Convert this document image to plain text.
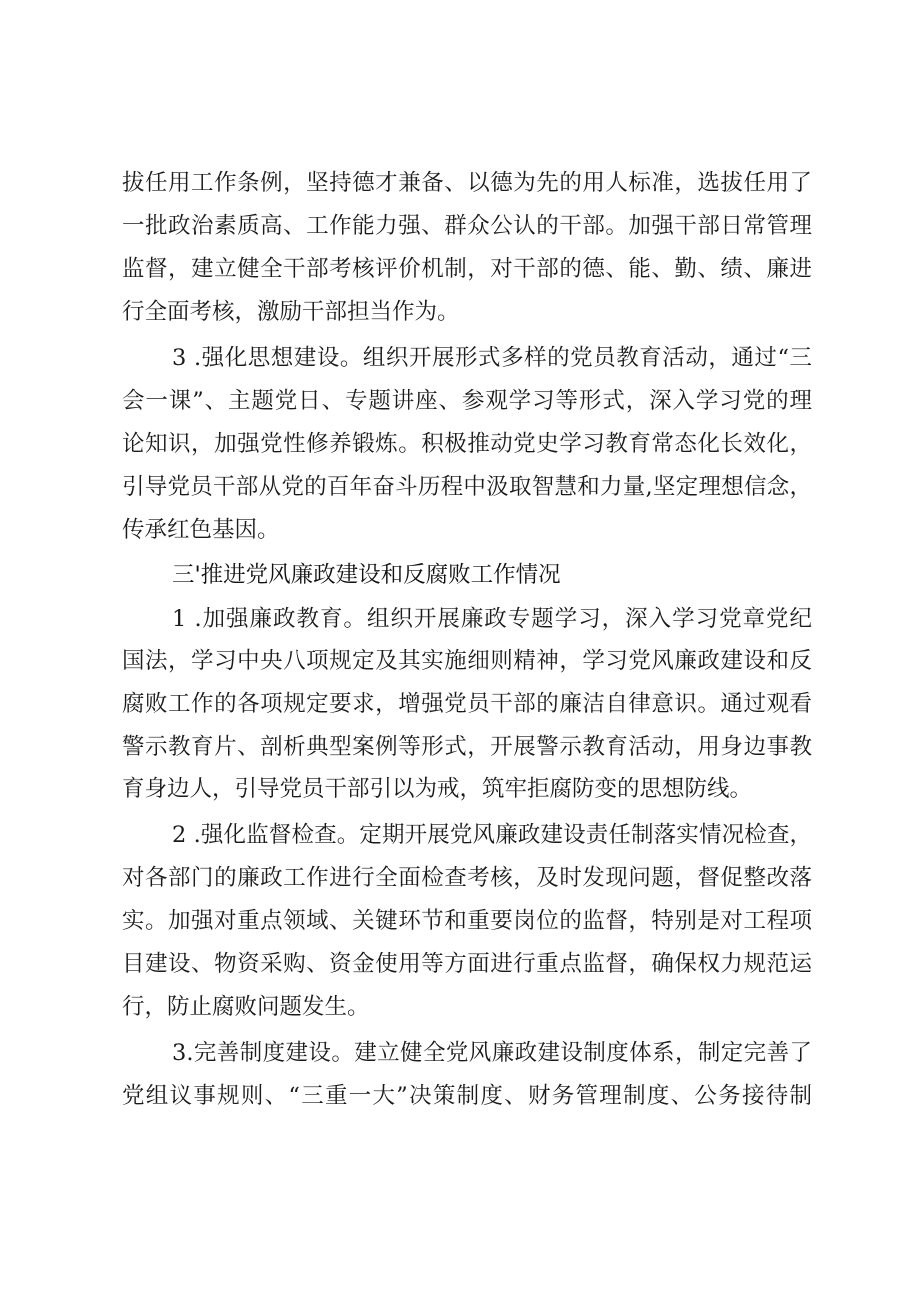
拔任用工作条例，坚持德才兼备、以德为先的用人标准，选拔任用了
一批政治素质高、工作能力强、群众公认的干部。加强干部日常管理
监督，建立健全干部考核评价机制，对干部的德、能、勤、绩、廉进
行全面考核，激励干部担当作为。
3 .强化思想建设。组织开展形式多样的党员教育活动，通过“三
会一课”、主题党日、专题讲座、参观学习等形式，深入学习党的理
论知识，加强党性修养锻炼。积极推动党史学习教育常态化长效化，
引导党员干部从党的百年奋斗历程中汲取智慧和力量,坚定理想信念，
传承红色基因。
三'推进党风廉政建设和反腐败工作情况
1 .加强廉政教育。组织开展廉政专题学习，深入学习党章党纪
国法，学习中央八项规定及其实施细则精神，学习党风廉政建设和反
腐败工作的各项规定要求，增强党员干部的廉洁自律意识。通过观看
警示教育片、剖析典型案例等形式，开展警示教育活动，用身边事教
育身边人，引导党员干部引以为戒，筑牢拒腐防变的思想防线。
2 .强化监督检查。定期开展党风廉政建设责任制落实情况检查，
对各部门的廉政工作进行全面检查考核，及时发现问题，督促整改落
实。加强对重点领域、关键环节和重要岗位的监督，特别是对工程项
目建设、物资采购、资金使用等方面进行重点监督，确保权力规范运
行，防止腐败问题发生。
3.完善制度建设。建立健全党风廉政建设制度体系，制定完善了
党组议事规则、“三重一大”决策制度、财务管理制度、公务接待制
